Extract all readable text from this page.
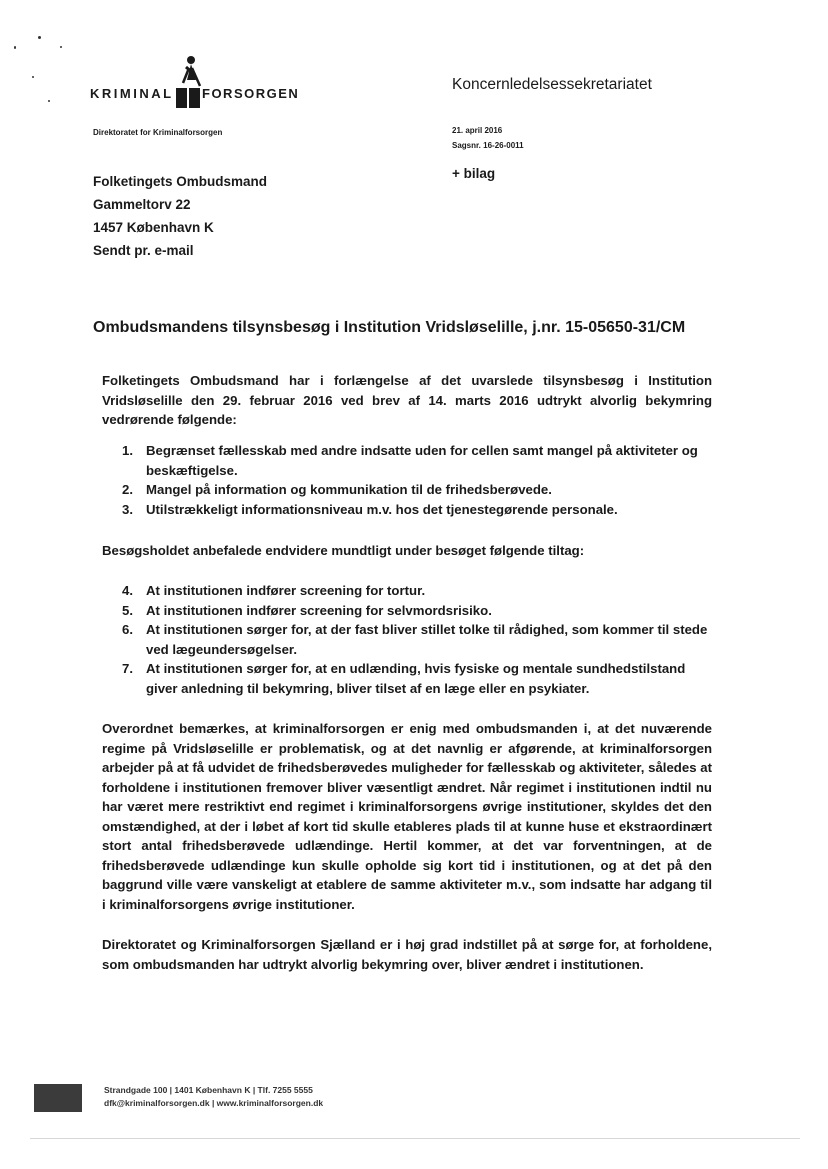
KRIMINAL FORSORGEN
Koncernledelsessekretariatet
Direktoratet for Kriminalforsorgen	21. april 2016
Sagsnr. 16-26-0011
+ bilag
Folketingets Ombudsmand
Gammeltorv 22
1457 København K
Sendt pr. e-mail
Ombudsmandens tilsynsbesøg i Institution Vridsløselille, j.nr. 15-05650-31/CM
Folketingets Ombudsmand har i forlængelse af det uvarslede tilsynsbesøg i Institution Vridsløselille den 29. februar 2016 ved brev af 14. marts 2016 udtrykt alvorlig bekymring vedrørende følgende:
1. Begrænset fællesskab med andre indsatte uden for cellen samt mangel på aktiviteter og beskæftigelse.
2. Mangel på information og kommunikation til de frihedsberøvede.
3. Utilstrækkeligt informationsniveau m.v. hos det tjenestegørende personale.
Besøgsholdet anbefalede endvidere mundtligt under besøget følgende tiltag:
4. At institutionen indfører screening for tortur.
5. At institutionen indfører screening for selvmordsrisiko.
6. At institutionen sørger for, at der fast bliver stillet tolke til rådighed, som kommer til stede ved lægeundersøgelser.
7. At institutionen sørger for, at en udlænding, hvis fysiske og mentale sundhedstilstand giver anledning til bekymring, bliver tilset af en læge eller en psykiater.
Overordnet bemærkes, at kriminalforsorgen er enig med ombudsmanden i, at det nuværende regime på Vridsløselille er problematisk, og at det navnlig er afgørende, at kriminalforsorgen arbejder på at få udvidet de frihedsberøvedes muligheder for fællesskab og aktiviteter, således at forholdene i institutionen fremover bliver væsentligt ændret. Når regimet i institutionen indtil nu har været mere restriktivt end regimet i kriminalforsorgens øvrige institutioner, skyldes det den omstændighed, at der i løbet af kort tid skulle etableres plads til at kunne huse et ekstraordinært stort antal frihedsberøvede udlændinge. Hertil kommer, at det var forventningen, at de frihedsberøvede udlændinge kun skulle opholde sig kort tid i institutionen, og at det på den baggrund ville være vanskeligt at etablere de samme aktiviteter m.v., som indsatte har adgang til i kriminalforsorgens øvrige institutioner.
Direktoratet og Kriminalforsorgen Sjælland er i høj grad indstillet på at sørge for, at forholdene, som ombudsmanden har udtrykt alvorlig bekymring over, bliver ændret i institutionen.
Strandgade 100 | 1401 København K | Tlf. 7255 5555
dfk@kriminalforsorgen.dk | www.kriminalforsorgen.dk
